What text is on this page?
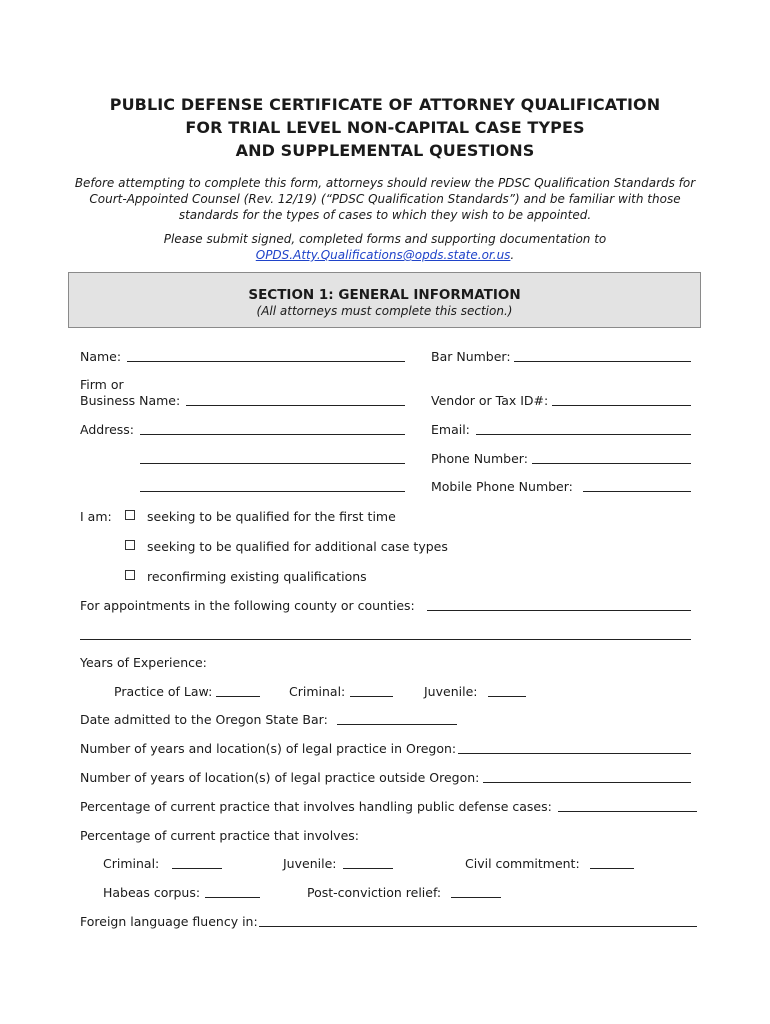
PUBLIC DEFENSE CERTIFICATE OF ATTORNEY QUALIFICATION
FOR TRIAL LEVEL NON-CAPITAL CASE TYPES
AND SUPPLEMENTAL QUESTIONS
Before attempting to complete this form, attorneys should review the PDSC Qualification Standards for Court-Appointed Counsel (Rev. 12/19) (“PDSC Qualification Standards”) and be familiar with those standards for the types of cases to which they wish to be appointed.
Please submit signed, completed forms and supporting documentation to
OPDS.Atty.Qualifications@opds.state.or.us.
SECTION 1: GENERAL INFORMATION
(All attorneys must complete this section.)
Name:	Bar Number:
Firm or
Business Name:	Vendor or Tax ID#:
Address:	Email:
Phone Number:
Mobile Phone Number:
I am:	seeking to be qualified for the first time
seeking to be qualified for additional case types
reconfirming existing qualifications
For appointments in the following county or counties:
Years of Experience:
Practice of Law:	Criminal:	Juvenile:
Date admitted to the Oregon State Bar:
Number of years and location(s) of legal practice in Oregon:
Number of years of location(s) of legal practice outside Oregon:
Percentage of current practice that involves handling public defense cases:
Percentage of current practice that involves:
Criminal:	Juvenile:	Civil commitment:
Habeas corpus:	Post-conviction relief:
Foreign language fluency in:
